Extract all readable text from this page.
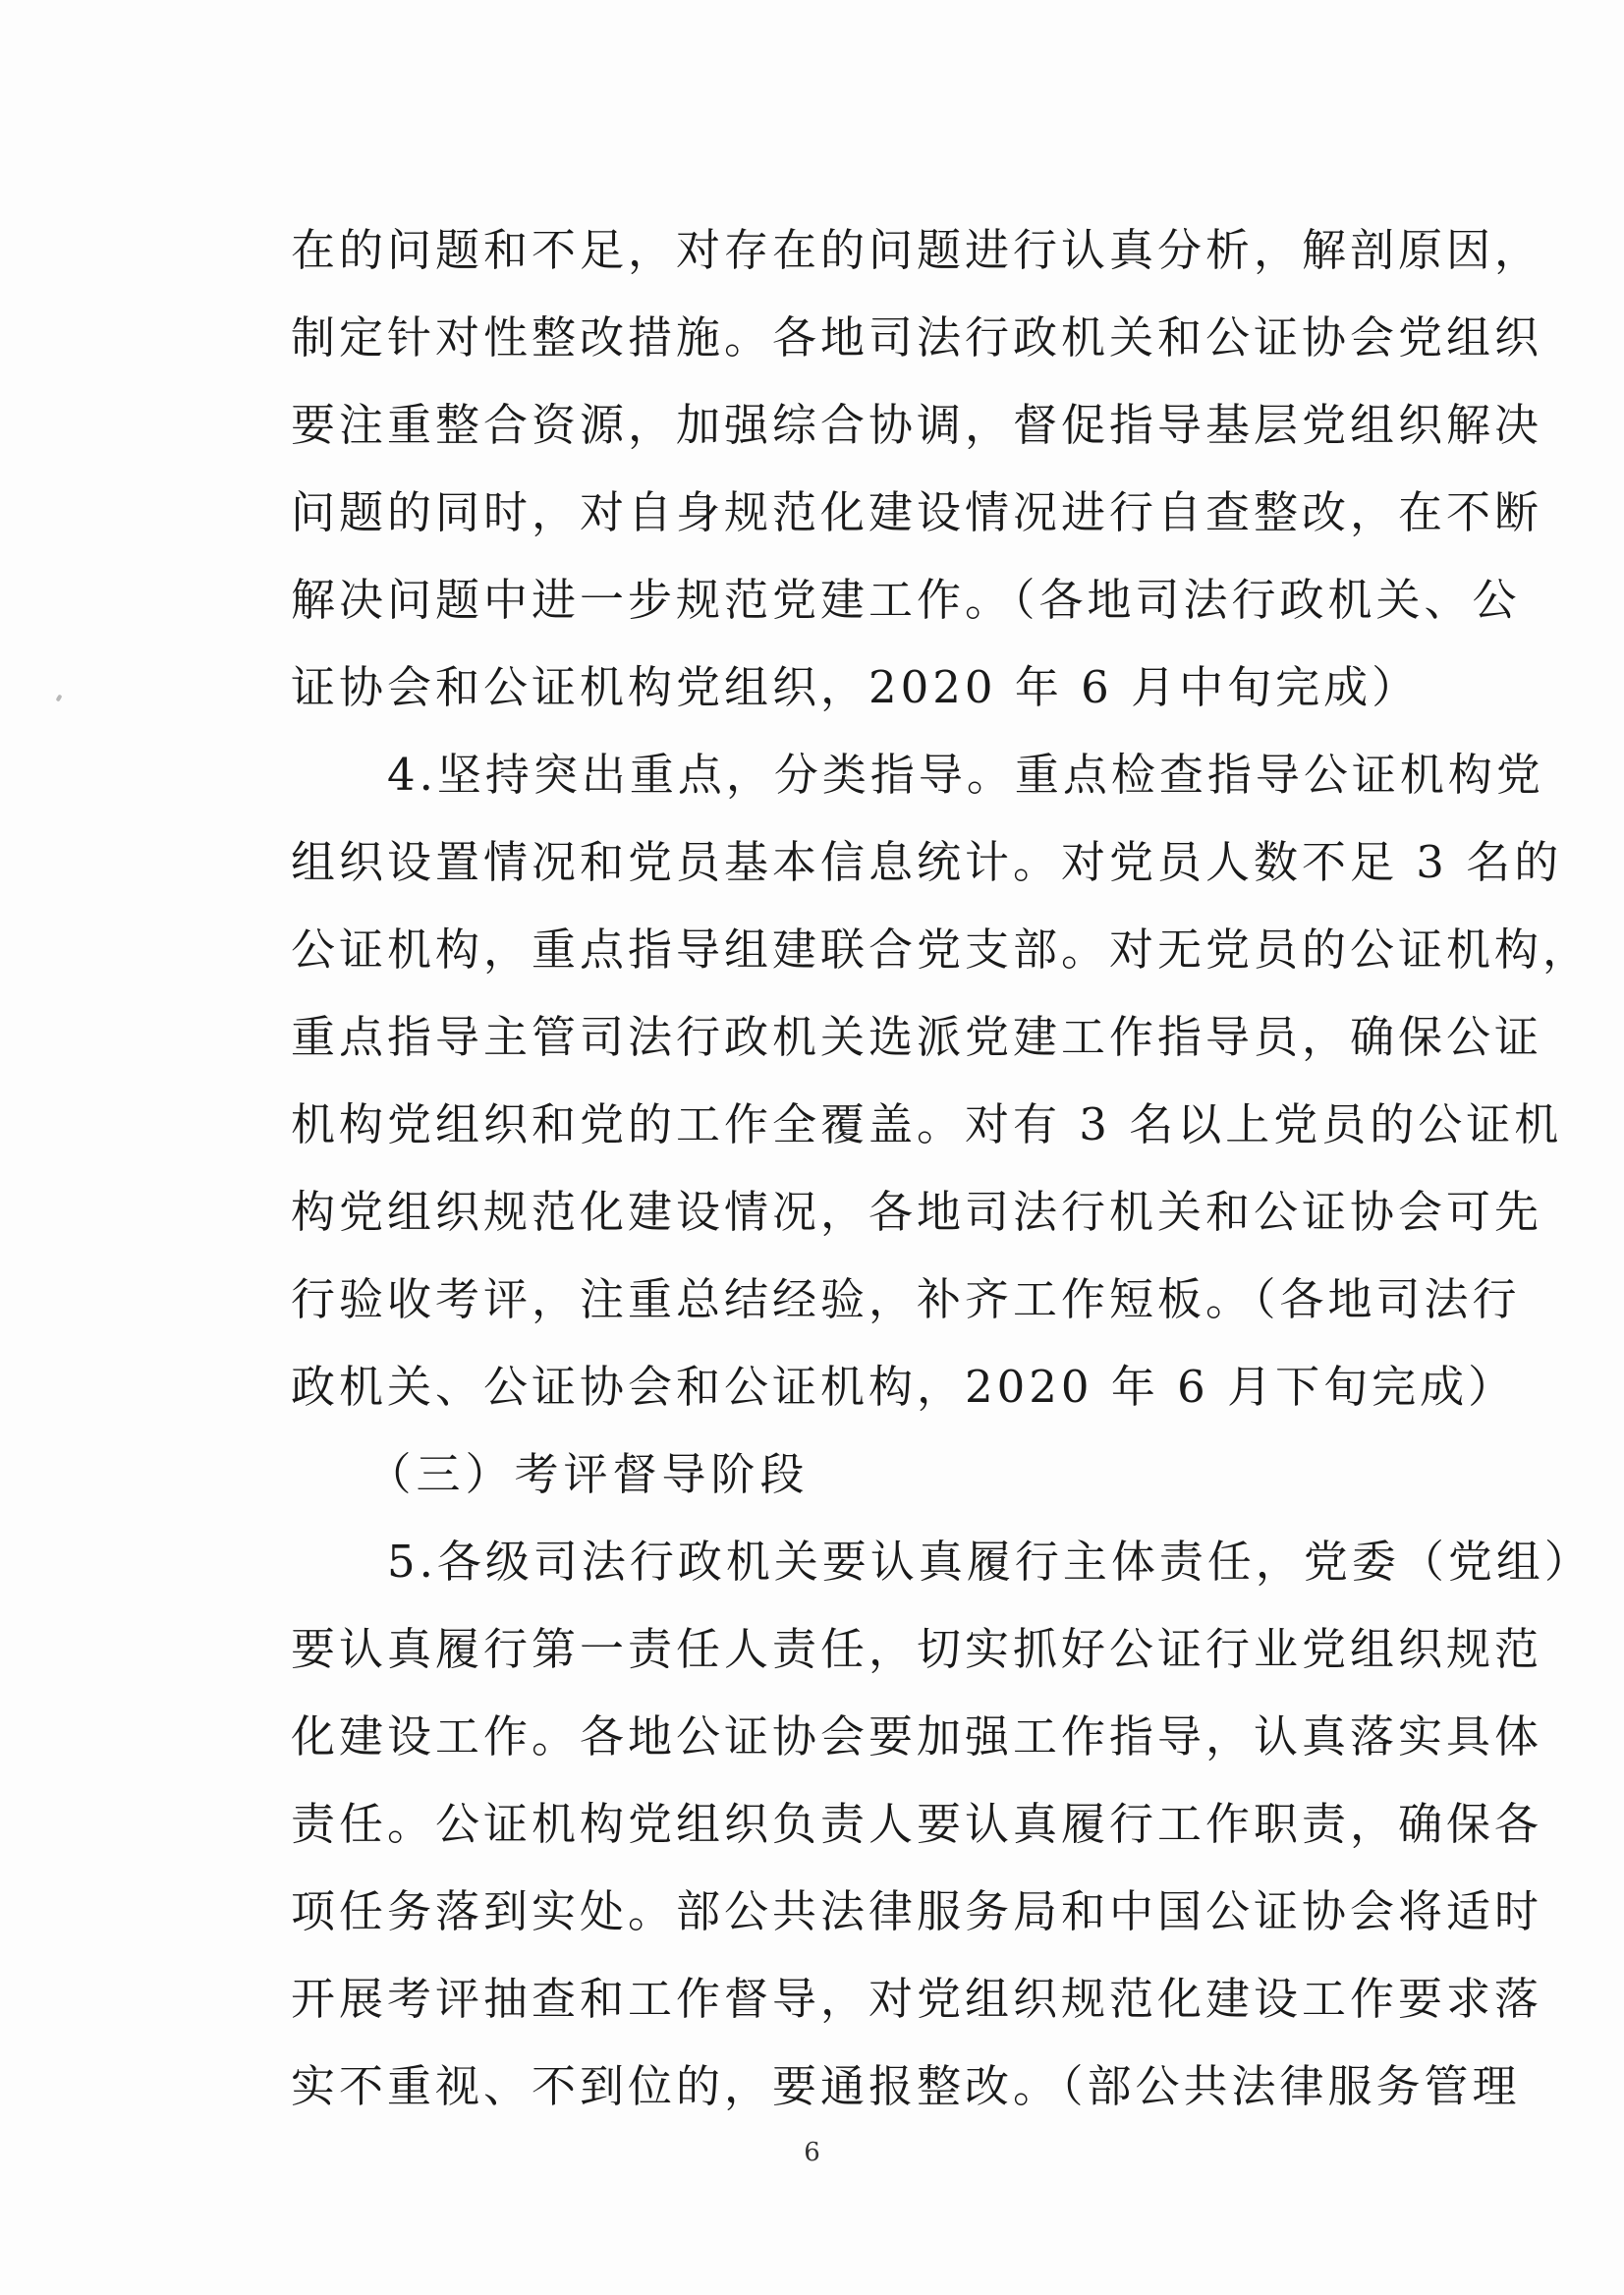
在的问题和不足，对存在的问题进行认真分析，解剖原因，
制定针对性整改措施。各地司法行政机关和公证协会党组织
要注重整合资源，加强综合协调，督促指导基层党组织解决
问题的同时，对自身规范化建设情况进行自查整改，在不断
解决问题中进一步规范党建工作。（各地司法行政机关、公
证协会和公证机构党组织，2020 年 6 月中旬完成）
　　4.坚持突出重点，分类指导。重点检查指导公证机构党
组织设置情况和党员基本信息统计。对党员人数不足 3 名的
公证机构，重点指导组建联合党支部。对无党员的公证机构，
重点指导主管司法行政机关选派党建工作指导员，确保公证
机构党组织和党的工作全覆盖。对有 3 名以上党员的公证机
构党组织规范化建设情况，各地司法行机关和公证协会可先
行验收考评，注重总结经验，补齐工作短板。（各地司法行
政机关、公证协会和公证机构，2020 年 6 月下旬完成）
　　（三）考评督导阶段
　　5.各级司法行政机关要认真履行主体责任，党委（党组）
要认真履行第一责任人责任，切实抓好公证行业党组织规范
化建设工作。各地公证协会要加强工作指导，认真落实具体
责任。公证机构党组织负责人要认真履行工作职责，确保各
项任务落到实处。部公共法律服务局和中国公证协会将适时
开展考评抽查和工作督导，对党组织规范化建设工作要求落
实不重视、不到位的，要通报整改。（部公共法律服务管理
6
